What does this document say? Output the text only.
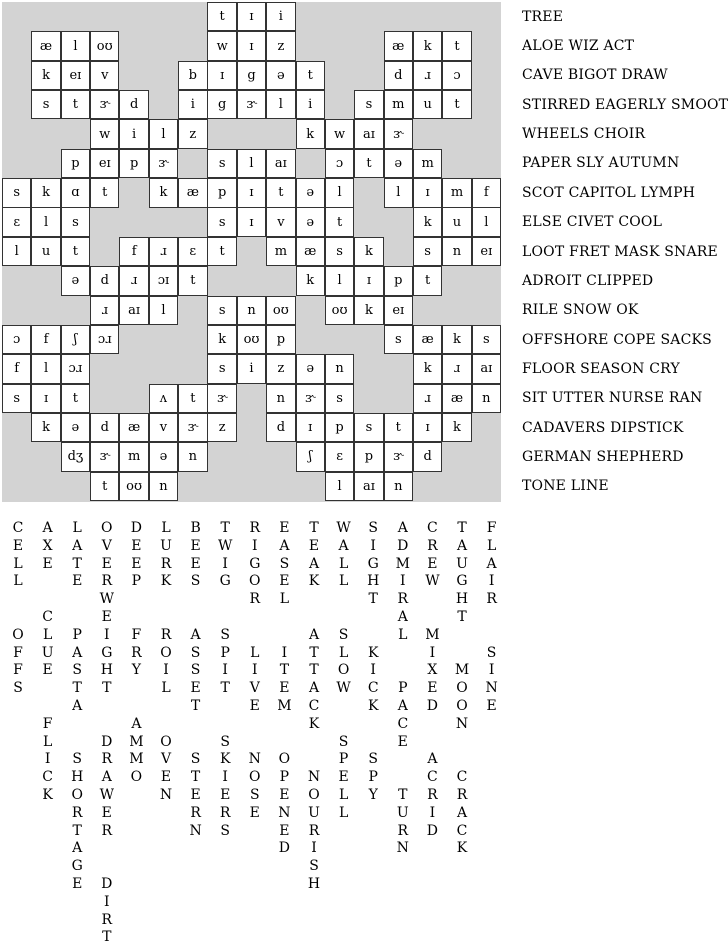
t	ɪ	i
æ	l	oʊ	w	ɪ	z	æ	k	t
k	eɪ	v	b	ɪ	g	ə	t	d	ɹ	ɔ
s	t	ɝ	d	i	g	ɝ	l	i	s	m	u	t
w	i	l	z	k	w	aɪ	ɝ
p	eɪ	p	ɝ	s	l	aɪ	ɔ	t	ə	m
s	k	ɑ	t	k	æ	p	ɪ	t	ə	l	l	ɪ	m	f
ɛ	l	s	s	ɪ	v	ə	t	k	u	l
l	u	t	f	ɹ	ɛ	t	m	æ	s	k	s	n	eɪ
ə	d	ɹ	ɔɪ	t	k	l	ɪ	p	t
ɹ	aɪ	l	s	n	oʊ	oʊ	k	eɪ
ɔ	f	ʃ	ɔɹ	k	oʊ	p	s	æ	k	s
f	l	ɔɹ	s	i	z	ə	n	k	ɹ	aɪ
s	ɪ	t	ʌ	t	ɝ	n	ɝ	s	ɹ	æ	n
k	ə	d	æ	v	ɝ	z	d	ɪ	p	s	t	ɪ	k
dʒ	ɝ	m	ə	n	ʃ	ɛ	p	ɝ	d
t	oʊ	n	l	aɪ	n
TREE
ALOE WIZ ACT
CAVE BIGOT DRAW
STIRRED EAGERLY SMOOT
WHEELS CHOIR
PAPER SLY AUTUMN
SCOT CAPITOL LYMPH
ELSE CIVET COOL
LOOT FRET MASK SNARE
ADROIT CLIPPED
RILE SNOW OK
OFFSHORE COPE SACKS
FLOOR SEASON CRY
SIT UTTER NURSE RAN
CADAVERS DIPSTICK
GERMAN SHEPHERD
TONE LINE
C
E
L
L

O
F
F
S
A
X
E

C
L
U
E

F
L
I
C
K
L
A
T
E

P
A
S
T
A

S
H
O
R
T
A
G
E
O
V
E
R
W
E
I
G
H
T

D
R
A
W
E
R

D
I
R
T
D
E
E
P

F
R
Y

A
M
M
O
L
U
R
K

R
O
I
L

O
V
E
N
B
E
E
S

A
S
S
E
T

S
T
E
R
N
T
W
I
G

S
P
I
T

S
K
I
E
R
S
R
I
G
O
R

L
I
V
E

N
O
S
E
E
A
S
E
L

I
T
E
M

O
P
E
N
E
D
T
E
A
K

A
T
T
A
C
K

N
O
U
R
I
S
H
W
A
L
L

S
L
O
W

S
P
E
L
L
S
I
G
H
T

K
I
C
K

S
P
Y
A
D
M
I
R
A
L

P
A
C
E

T
U
R
N
C
R
E
W

M
I
X
E
D

A
C
R
I
D
T
A
U
G
H
T

M
O
O
N

C
R
A
C
K
F
L
A
I
R

S
I
N
E
